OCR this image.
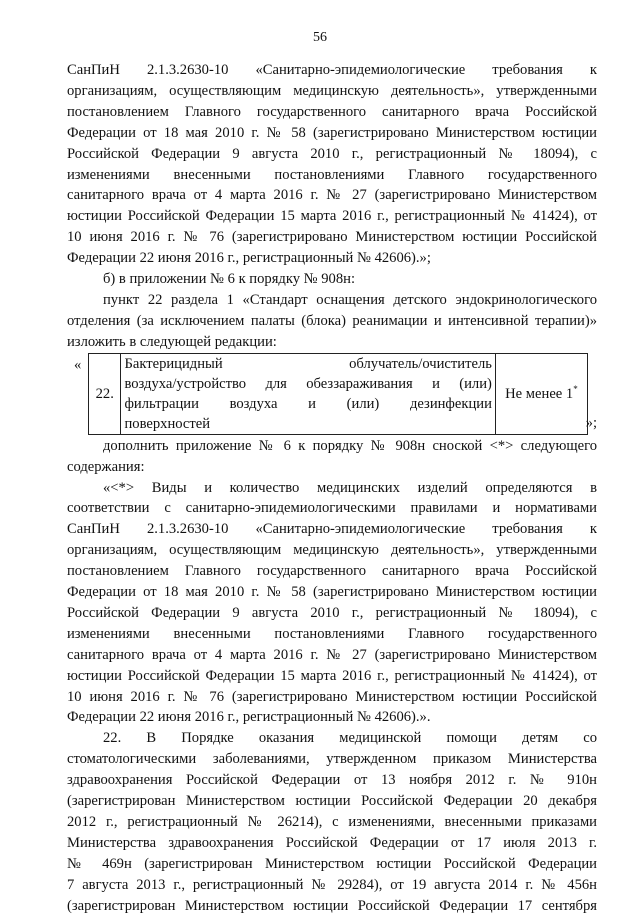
56
СанПиН 2.1.3.2630-10 «Санитарно-эпидемиологические требования к
организациям, осуществляющим медицинскую деятельность», утвержденными
постановлением Главного государственного санитарного врача Российской
Федерации от 18 мая 2010 г. № 58 (зарегистрировано Министерством юстиции
Российской Федерации 9 августа 2010 г., регистрационный № 18094), с
изменениями внесенными постановлениями Главного государственного
санитарного врача от 4 марта 2016 г. № 27 (зарегистрировано Министерством
юстиции Российской Федерации 15 марта 2016 г., регистрационный № 41424), от
10 июня 2016 г. № 76 (зарегистрировано Министерством юстиции Российской
Федерации 22 июня 2016 г., регистрационный № 42606).»;
б) в приложении № 6 к порядку № 908н:
пункт 22 раздела 1 «Стандарт оснащения детского эндокринологического
отделения (за исключением палаты (блока) реанимации и интенсивной терапии)»
изложить в следующей редакции:
«
22.	
Бактерицидный облучатель/очиститель
воздуха/устройство для обеззараживания и (или)
фильтрации воздуха и (или) дезинфекции
поверхностей
	Не менее 1*
»;
дополнить приложение № 6 к порядку № 908н сноской <*> следующего
содержания:
«<*> Виды и количество медицинских изделий определяются в
соответствии с санитарно-эпидемиологическими правилами и нормативами
СанПиН 2.1.3.2630-10 «Санитарно-эпидемиологические требования к
организациям, осуществляющим медицинскую деятельность», утвержденными
постановлением Главного государственного санитарного врача Российской
Федерации от 18 мая 2010 г. № 58 (зарегистрировано Министерством юстиции
Российской Федерации 9 августа 2010 г., регистрационный № 18094), с
изменениями внесенными постановлениями Главного государственного
санитарного врача от 4 марта 2016 г. № 27 (зарегистрировано Министерством
юстиции Российской Федерации 15 марта 2016 г., регистрационный № 41424), от
10 июня 2016 г. № 76 (зарегистрировано Министерством юстиции Российской
Федерации 22 июня 2016 г., регистрационный № 42606).».
22. В Порядке оказания медицинской помощи детям со
стоматологическими заболеваниями, утвержденном приказом Министерства
здравоохранения Российской Федерации от 13 ноября 2012 г. № 910н
(зарегистрирован Министерством юстиции Российской Федерации 20 декабря
2012 г., регистрационный № 26214), с изменениями, внесенными приказами
Министерства здравоохранения Российской Федерации от 17 июля 2013 г.
№ 469н (зарегистрирован Министерством юстиции Российской Федерации
7 августа 2013 г., регистрационный № 29284), от 19 августа 2014 г. № 456н
(зарегистрирован Министерством юстиции Российской Федерации 17 сентября
